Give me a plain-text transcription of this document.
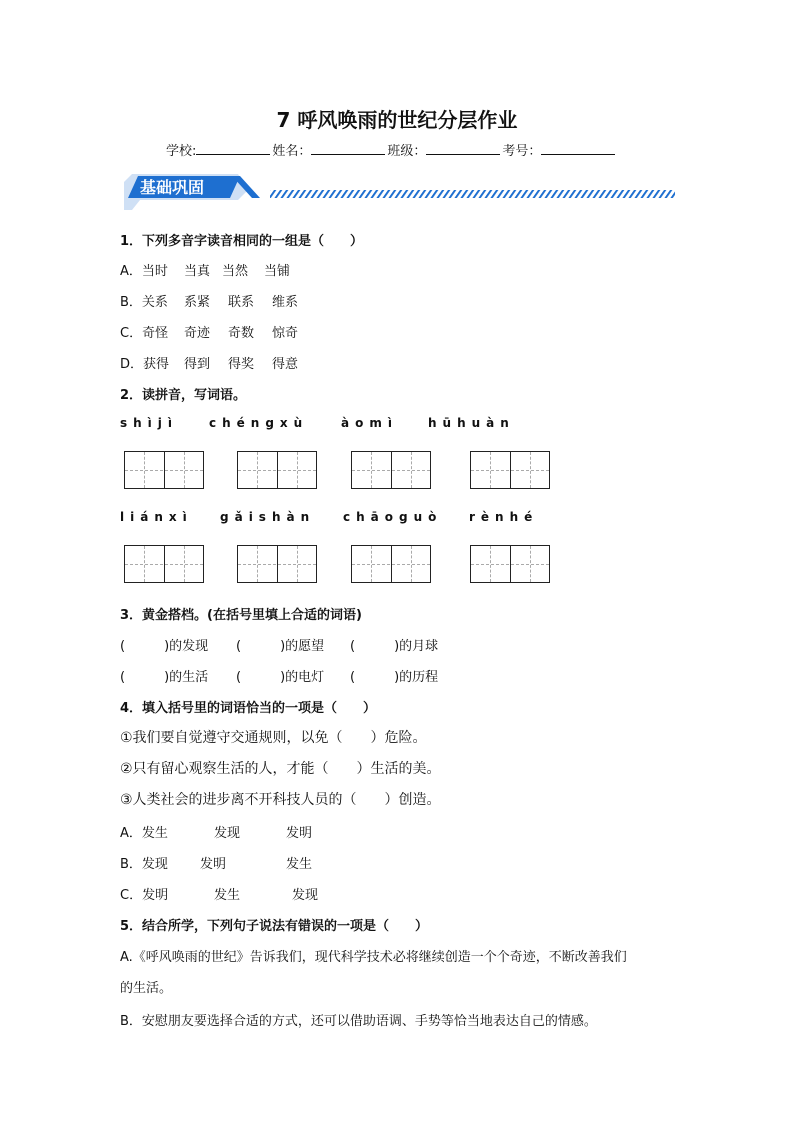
7 呼风唤雨的世纪分层作业
学校:	姓名：	班级：	考号：
基础巩固
1．下列多音字读音相同的一组是（　　）
A．当时 当真 当然 当铺
B．关系 系紧 联系 维系
C．奇怪 奇迹 奇数 惊奇
D．获得 得到 得奖 得意
2．读拼音，写词语。
shìjì	chéngxù	àomì	hūhuàn
liánxì gǎishàn chāoguò rènhé
3．黄金搭档。(在括号里填上合适的词语)
(　　　)的发现 (　　　)的愿望 (　　　)的月球
(　　　)的生活 (　　　)的电灯 (　　　)的历程
4．填入括号里的词语恰当的一项是（　　）
①我们要自觉遵守交通规则，以免（　　）危险。
②只有留心观察生活的人，才能（　　）生活的美。
③人类社会的进步离不开科技人员的（　　）创造。
A．发生	发现	发明
B．发现 发明	发生
C．发明	发生	发现
5．结合所学，下列句子说法有错误的一项是（　　）
A.《呼风唤雨的世纪》告诉我们，现代科学技术必将继续创造一个个奇迹，不断改善我们
的生活。
B．安慰朋友要选择合适的方式，还可以借助语调、手势等恰当地表达自己的情感。
